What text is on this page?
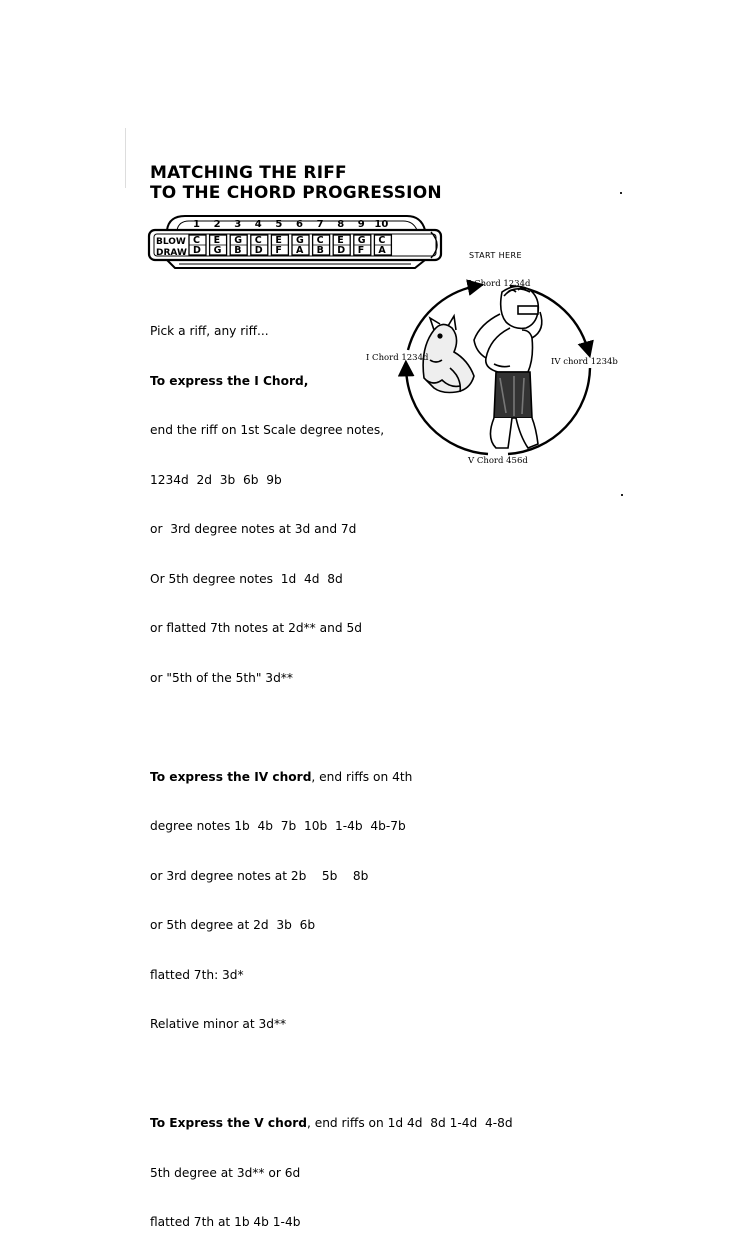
MATCHING THE RIFF
TO THE CHORD PROGRESSION
BLOW
DRAW
1 2 3 4 5 6 7 8 9 10
C
D
E
G
G
B
C
D
E
F
G
A
C
B
E
D
G
F
C
A	START HERE
I Chord 1234d
I Chord 1234d	IV chord 1234b
V Chord 456d

Pick a riff, any riff...

To express the I Chord,

end the riff on 1st Scale degree notes,

1234d  2d  3b  6b  9b

or  3rd degree notes at 3d and 7d

Or 5th degree notes  1d  4d  8d

or flatted 7th notes at 2d** and 5d

or "5th of the 5th" 3d**

To express the IV chord, end riffs on 4th

degree notes 1b  4b  7b  10b  1-4b  4b-7b

or 3rd degree notes at 2b    5b    8b

or 5th degree at 2d  3b  6b

flatted 7th: 3d*

Relative minor at 3d**

To Express the V chord, end riffs on 1d 4d  8d 1-4d  4-8d

5th degree at 3d** or 6d

flatted 7th at 1b 4b 1-4b
